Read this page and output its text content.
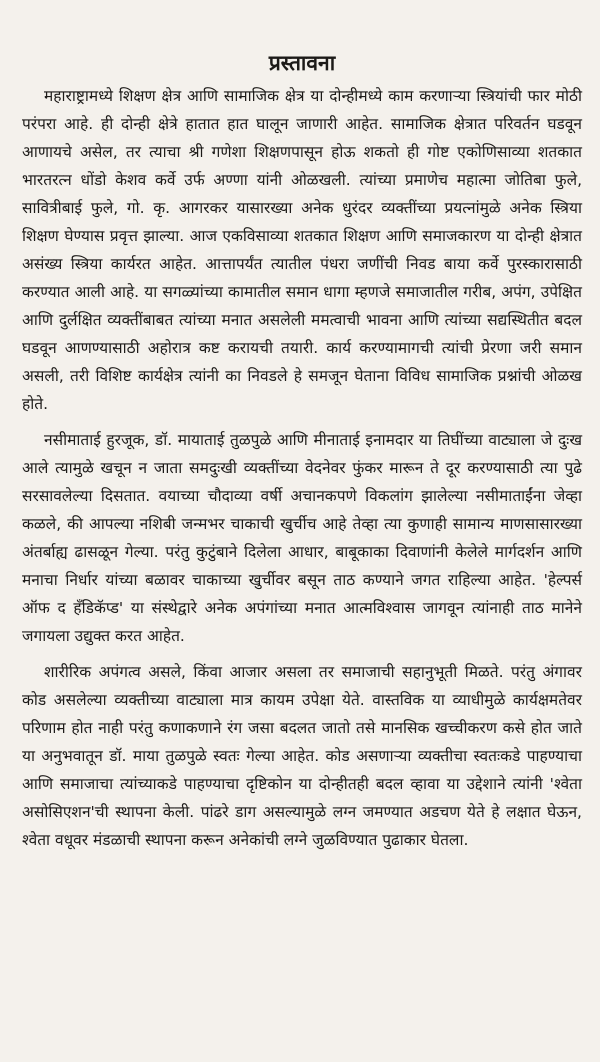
प्रस्तावना

महाराष्ट्रामध्ये शिक्षण क्षेत्र आणि सामाजिक क्षेत्र या दोन्हीमध्ये काम करणाऱ्या स्त्रियांची फार मोठी परंपरा आहे. ही दोन्ही क्षेत्रे हातात हात घालून जाणारी आहेत. सामाजिक क्षेत्रात परिवर्तन घडवून आणायचे असेल, तर त्याचा श्री गणेशा शिक्षणपासून होऊ शकतो ही गोष्ट एकोणिसाव्या शतकात भारतरत्न धोंडो केशव कर्वे उर्फ अण्णा यांनी ओळखली. त्यांच्या प्रमाणेच महात्मा जोतिबा फुले, सावित्रीबाई फुले, गो. कृ. आगरकर यासारख्या अनेक धुरंदर व्यक्तींच्या प्रयत्नांमुळे अनेक स्त्रिया शिक्षण घेण्यास प्रवृत्त झाल्या. आज एकविसाव्या शतकात शिक्षण आणि समाजकारण या दोन्ही क्षेत्रात असंख्य स्त्रिया कार्यरत आहेत. आत्तापर्यंत त्यातील पंधरा जणींची निवड बाया कर्वे पुरस्कारासाठी करण्यात आली आहे. या सगळ्यांच्या कामातील समान धागा म्हणजे समाजातील गरीब, अपंग, उपेक्षित आणि दुर्लक्षित व्यक्तींबाबत त्यांच्या मनात असलेली ममत्वाची भावना आणि त्यांच्या सद्यस्थितीत बदल घडवून आणण्यासाठी अहोरात्र कष्ट करायची तयारी. कार्य करण्यामागची त्यांची प्रेरणा जरी समान असली, तरी विशिष्ट कार्यक्षेत्र त्यांनी का निवडले हे समजून घेताना विविध सामाजिक प्रश्नांची ओळख होते.

नसीमाताई हुरजूक, डॉ. मायाताई तुळपुळे आणि मीनाताई इनामदार या तिघींच्या वाट्याला जे दुःख आले त्यामुळे खचून न जाता समदुःखी व्यक्तींच्या वेदनेवर फुंकर मारून ते दूर करण्यासाठी त्या पुढे सरसावलेल्या दिसतात. वयाच्या चौदाव्या वर्षी अचानकपणे विकलांग झालेल्या नसीमाताईंना जेव्हा कळले, की आपल्या नशिबी जन्मभर चाकाची खुर्चीच आहे तेव्हा त्या कुणाही सामान्य माणसासारख्या अंतर्बाह्य ढासळून गेल्या. परंतु कुटुंबाने दिलेला आधार, बाबूकाका दिवाणांनी केलेले मार्गदर्शन आणि मनाचा निर्धार यांच्या बळावर चाकाच्या खुर्चीवर बसून ताठ कण्याने जगत राहिल्या आहेत. 'हेल्पर्स ऑफ द हॅंडिकॅप्ड' या संस्थेद्वारे अनेक अपंगांच्या मनात आत्मविश्वास जागवून त्यांनाही ताठ मानेने जगायला उद्युक्त करत आहेत.

शारीरिक अपंगत्व असले, किंवा आजार असला तर समाजाची सहानुभूती मिळते. परंतु अंगावर कोड असलेल्या व्यक्तीच्या वाट्याला मात्र कायम उपेक्षा येते. वास्तविक या व्याधीमुळे कार्यक्षमतेवर परिणाम होत नाही परंतु कणाकणाने रंग जसा बदलत जातो तसे मानसिक खच्चीकरण कसे होत जाते या अनुभवातून डॉ. माया तुळपुळे स्वतः गेल्या आहेत. कोड असणाऱ्या व्यक्तीचा स्वतःकडे पाहण्याचा आणि समाजाचा त्यांच्याकडे पाहण्याचा दृष्टिकोन या दोन्हीतही बदल व्हावा या उद्देशाने त्यांनी 'श्वेता असोसिएशन'ची स्थापना केली. पांढरे डाग असल्यामुळे लग्न जमण्यात अडचण येते हे लक्षात घेऊन, श्वेता वधूवर मंडळाची स्थापना करून अनेकांची लग्ने जुळविण्यात पुढाकार घेतला.
